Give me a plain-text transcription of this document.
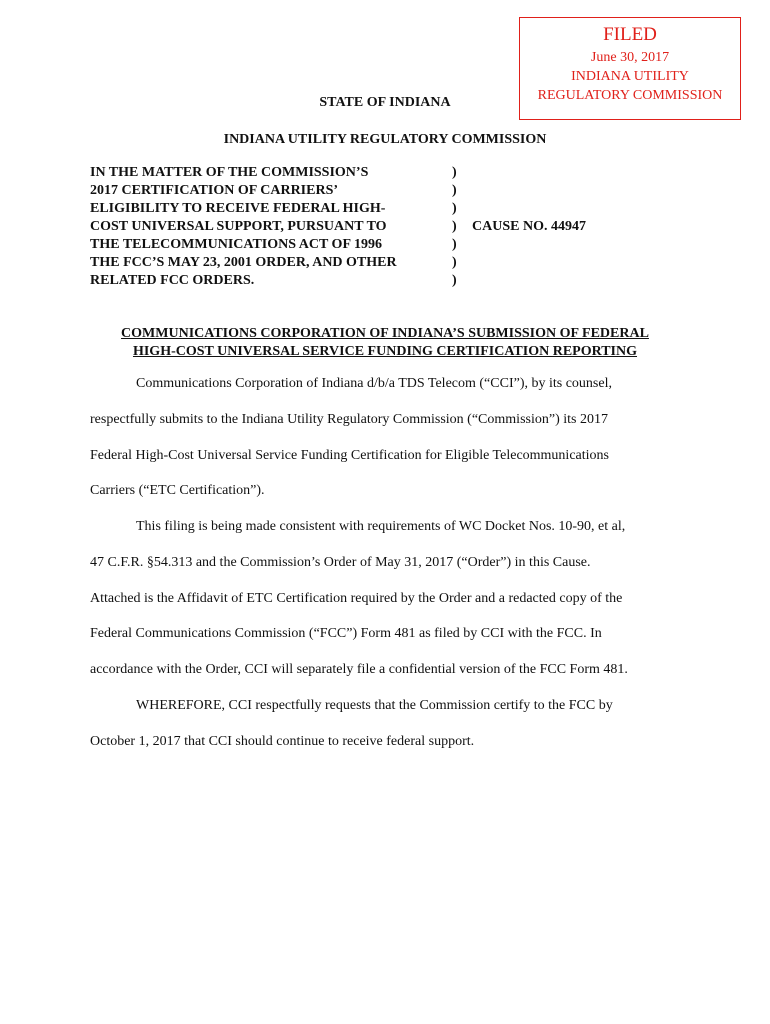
FILED
June 30, 2017
INDIANA UTILITY
REGULATORY COMMISSION
STATE OF INDIANA
INDIANA UTILITY REGULATORY COMMISSION
IN THE MATTER OF THE COMMISSION’S
2017 CERTIFICATION OF CARRIERS’
ELIGIBILITY TO RECEIVE FEDERAL HIGH-
COST UNIVERSAL SUPPORT, PURSUANT TO
THE TELECOMMUNICATIONS ACT OF 1996
THE FCC’S MAY 23, 2001 ORDER, AND OTHER
RELATED FCC ORDERS.
)
)
)
)
)
)
)
CAUSE NO. 44947
COMMUNICATIONS CORPORATION OF INDIANA’S SUBMISSION OF FEDERAL
HIGH-COST UNIVERSAL SERVICE FUNDING CERTIFICATION REPORTING
Communications Corporation of Indiana d/b/a TDS Telecom (“CCI”), by its counsel,
respectfully submits to the Indiana Utility Regulatory Commission (“Commission”) its 2017
Federal High-Cost Universal Service Funding Certification for Eligible Telecommunications
Carriers (“ETC Certification”).
This filing is being made consistent with requirements of WC Docket Nos. 10-90, et al,
47 C.F.R. §54.313 and the Commission’s Order of May 31, 2017 (“Order”) in this Cause.
Attached is the Affidavit of ETC Certification required by the Order and a redacted copy of the
Federal Communications Commission (“FCC”) Form 481 as filed by CCI with the FCC. In
accordance with the Order, CCI will separately file a confidential version of the FCC Form 481.
WHEREFORE, CCI respectfully requests that the Commission certify to the FCC by
October 1, 2017 that CCI should continue to receive federal support.
